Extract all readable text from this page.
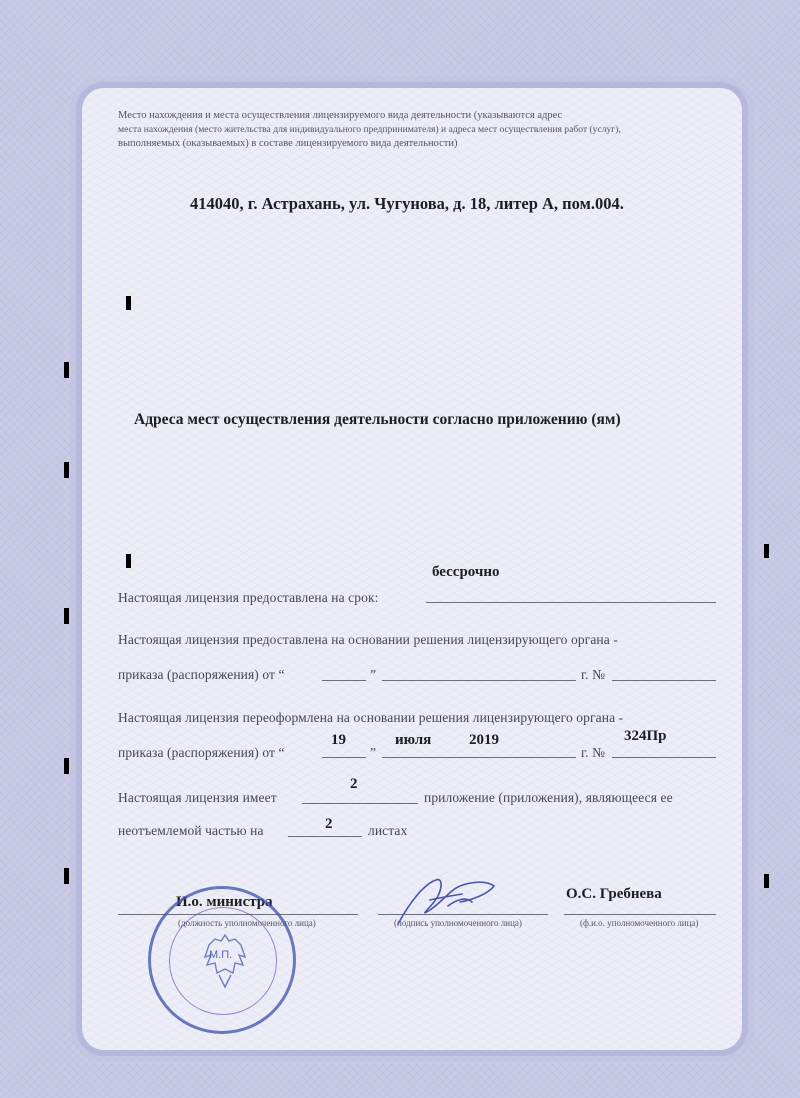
Место нахождения и места осуществления лицензируемого вида деятельности (указываются адрес
места нахождения (место жительства для индивидуального предпринимателя) и адреса мест осуществления работ (услуг),
выполняемых (оказываемых) в составе лицензируемого вида деятельности)
414040, г. Астрахань, ул. Чугунова, д. 18, литер А, пом.004.
Адреса мест осуществления деятельности согласно приложению (ям)
бессрочно
Настоящая лицензия предоставлена на срок:
Настоящая лицензия предоставлена на основании решения лицензирующего органа -
приказа (распоряжения) от “	”	г. №
Настоящая лицензия переоформлена на основании решения лицензирующего органа -
19	июля	2019	324Пр
приказа (распоряжения) от “	”	г. №
2
Настоящая лицензия имеет	приложение (приложения), являющееся ее
2
неотъемлемой частью на	листах
И.о. министра
(должность уполномоченного лица)	(подпись уполномоченного лица)
О.С. Гребнева
(ф.и.о. уполномоченного лица)
М.П.
